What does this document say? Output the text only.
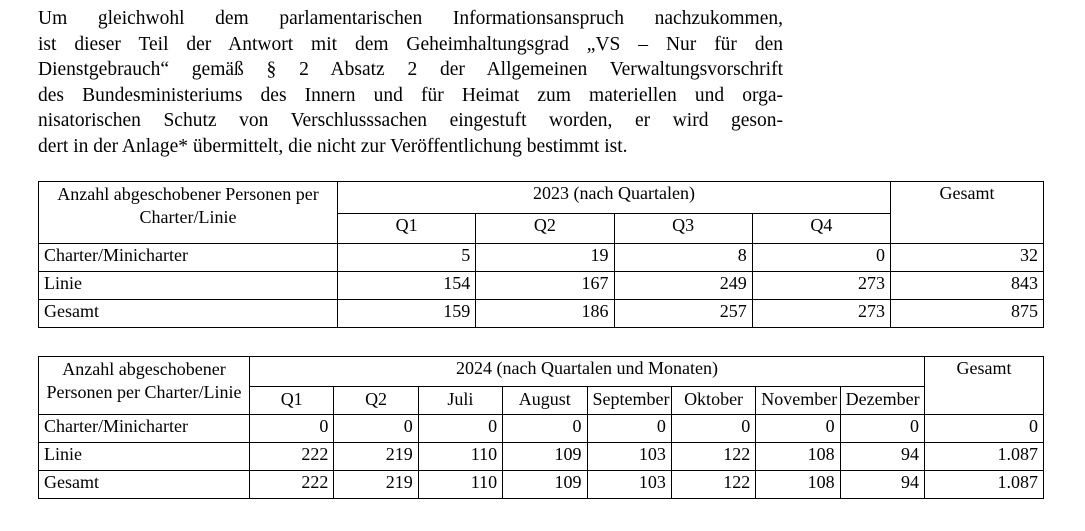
Um gleichwohl dem parlamentarischen Informationsanspruch nachzukommen,
ist dieser Teil der Antwort mit dem Geheimhaltungsgrad „VS – Nur für den
Dienstgebrauch“ gemäß § 2 Absatz 2 der Allgemeinen Verwaltungsvorschrift
des Bundesministeriums des Innern und für Heimat zum materiellen und orga-
nisatorischen Schutz von Verschlusssachen eingestuft worden, er wird geson-
dert in der Anlage* übermittelt, die nicht zur Veröffentlichung bestimmt ist.

Anzahl abgeschobener Personen per Charter/Linie	2023 (nach Quartalen)				Gesamt
	Q1	Q2	Q3	Q4	
Charter/Minicharter	5	19	8	0	32
Linie	154	167	249	273	843
Gesamt	159	186	257	273	875
Anzahl abgeschobener Personen per Charter/Linie	2024 (nach Quartalen und Monaten)								Gesamt
	Q1	Q2	Juli	August	September	Oktober	November	Dezember	
Charter/Minicharter	0	0	0	0	0	0	0	0	0
Linie	222	219	110	109	103	122	108	94	1.087
Gesamt	222	219	110	109	103	122	108	94	1.087
